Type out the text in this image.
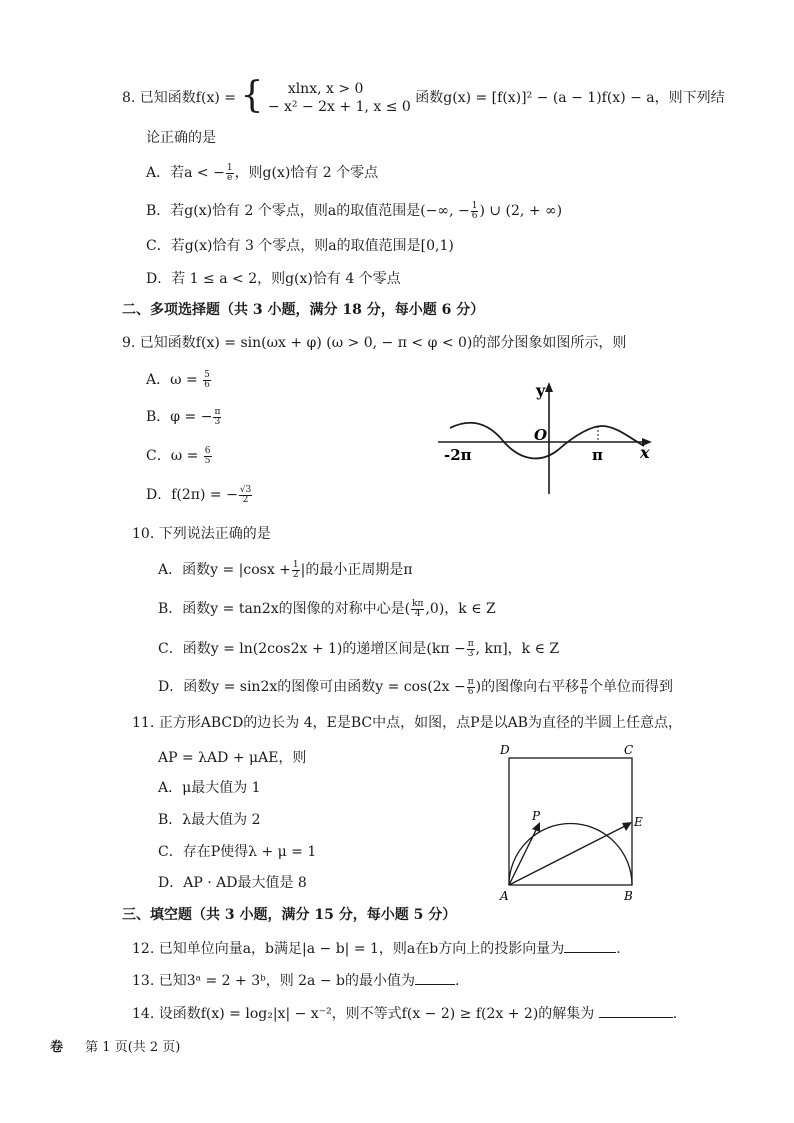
8. 已知函数f(x) = {	xlnx, x > 0
− x² − 2x + 1, x ≤ 0
函数g(x) = [f(x)]² − (a − 1)f(x) − a，则下列结
论正确的是
A．若a < − $\frac{1}{e}$ ，则g(x)恰有 2 个零点
B．若g(x)恰有 2 个零点，则a的取值范围是(−∞, − $\frac{1}{6}$ ) ∪ (2, + ∞)
C．若g(x)恰有 3 个零点，则a的取值范围是[0,1)
D．若 1 ≤ a < 2，则g(x)恰有 4 个零点
二、多项选择题（共 3 小题，满分 18 分，每小题 6 分）
9. 已知函数f(x) = sin(ωx + φ) (ω > 0, − π < φ < 0)的部分图象如图所示，则
A．$\omega = \frac{5}{6}$
B．φ = − $\frac{\pi}{3}$
C．$\omega = \frac{6}{5}$
D．f(2π) = − $\frac{√3}{2}$
y
x
O
-2π	π
10. 下列说法正确的是
A．函数$y = |\cos x + \frac{1}{2}$ |的最小正周期是π
B．函数y = tan2x的图像的对称中心是( $\frac{k\pi}{4} ,0$)，k ∈ Z
C．函数y = ln(2cos2x + 1)的递增区间是($k\pi - \frac{\pi}{3}$ , kπ]，k ∈ Z
D．函数y = sin2x的图像可由函数$y = \cos(2x - \frac{\pi}{6}$ )的图像向右平移 $\frac{\pi}{6}$ 个单位而得到
11. 正方形ABCD的边长为 4，E是BC中点，如图，点P是以AB为直径的半圆上任意点，
AP = λAD + μAE，则
A．μ最大值为 1
B．λ最大值为 2
C．存在P使得λ + μ = 1
D．AP · AD最大值是 8
D	C
A	B
E
P
三、填空题（共 3 小题，满分 15 分，每小题 5 分）
12. 已知单位向量a，b满足|a − b| = 1，则a在b方向上的投影向量为	.
13. 已知3ᵃ = 2 + 3ᵇ，则 2a − b的最小值为	.
14. 设函数f(x) = log₂|x| − x⁻²，则不等式f(x − 2) ≥ f(2x + 2)的解集为	.
卷 第 1 页(共 2 页)
